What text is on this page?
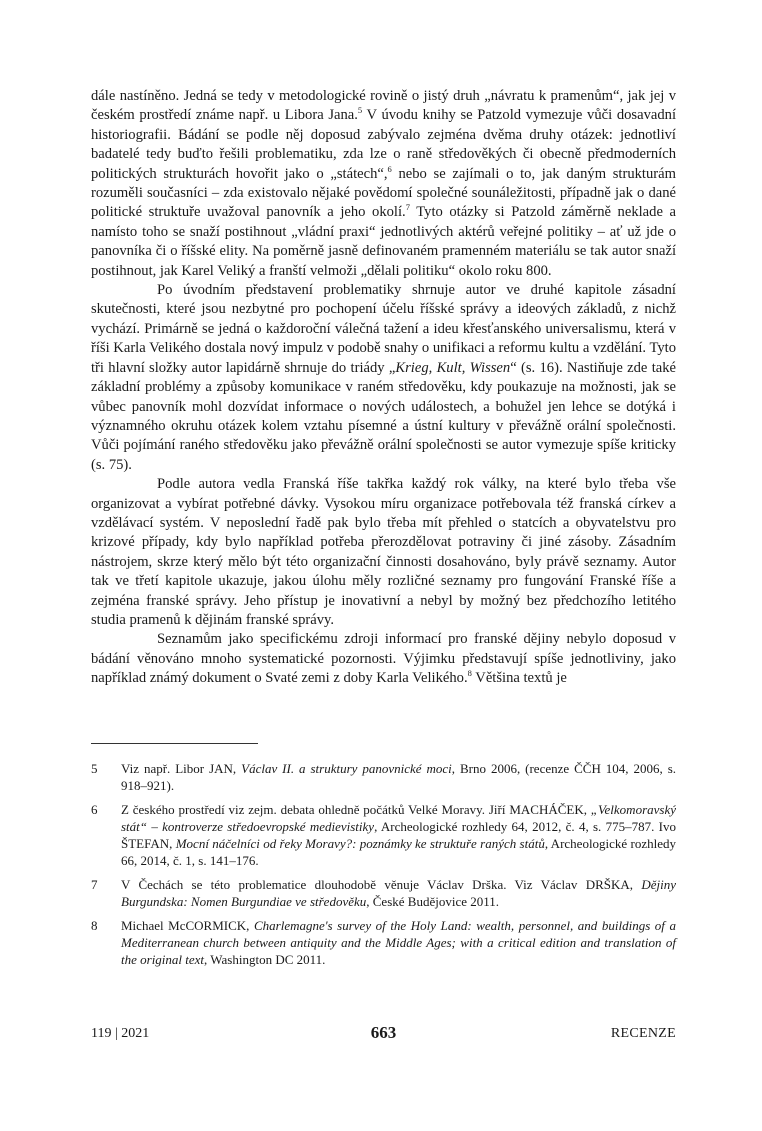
dále nastíněno. Jedná se tedy v metodologické rovině o jistý druh „návratu k pramenům“, jak jej v českém prostředí známe např. u Libora Jana.$^5$ V úvodu knihy se Patzold vymezuje vůči dosavadní historiografii. Bádání se podle něj doposud zabývalo zejména dvěma druhy otázek: jednotliví badatelé tedy buďto řešili problematiku, zda lze o raně středověkých či obecně předmoderních politických strukturách hovořit jako o „státech“,$^6$ nebo se zajímali o to, jak daným strukturám rozuměli současníci – zda existovalo nějaké povědomí společné sounáležitosti, případně jak o dané politické struktuře uvažoval panovník a jeho okolí.$^7$ Tyto otázky si Patzold záměrně neklade a namísto toho se snaží postihnout „vládní praxi“ jednotlivých aktérů veřejné politiky – ať už jde o panovníka či o říšské elity. Na poměrně jasně definovaném pramenném materiálu se tak autor snaží postihnout, jak Karel Veliký a franští velmoži „dělali politiku“ okolo roku 800.

Po úvodním představení problematiky shrnuje autor ve druhé kapitole zásadní skutečnosti, které jsou nezbytné pro pochopení účelu říšské správy a ideových základů, z nichž vychází. Primárně se jedná o každoroční válečná tažení a ideu křesťanského universalismu, která v říši Karla Velikého dostala nový impulz v podobě snahy o unifikaci a reformu kultu a vzdělání. Tyto tři hlavní složky autor lapidárně shrnuje do triády „Krieg, Kult, Wissen“ (s. 16). Nastiňuje zde také základní problémy a způsoby komunikace v raném středověku, kdy poukazuje na možnosti, jak se vůbec panovník mohl dozvídat informace o nových událostech, a bohužel jen lehce se dotýká i významného okruhu otázek kolem vztahu písemné a ústní kultury v převážně orální společnosti. Vůči pojímání raného středověku jako převážně orální společnosti se autor vymezuje spíše kriticky (s. 75).

Podle autora vedla Franská říše takřka každý rok války, na které bylo třeba vše organizovat a vybírat potřebné dávky. Vysokou míru organizace potřebovala též franská církev a vzdělávací systém. V neposlední řadě pak bylo třeba mít přehled o statcích a obyvatelstvu pro krizové případy, kdy bylo například potřeba přerozdělovat potraviny či jiné zásoby. Zásadním nástrojem, skrze který mělo být této organizační činnosti dosahováno, byly právě seznamy. Autor tak ve třetí kapitole ukazuje, jakou úlohu měly rozličné seznamy pro fungování Franské říše a zejména franské správy. Jeho přístup je inovativní a nebyl by možný bez předchozího letitého studia pramenů k dějinám franské správy.

Seznamům jako specifickému zdroji informací pro franské dějiny nebylo doposud v bádání věnováno mnoho systematické pozornosti. Výjimku představují spíše jednotliviny, jako například známý dokument o Svaté zemi z doby Karla Velikého.$^8$ Většina textů je

5	Viz např. Libor JAN, Václav II. a struktury panovnické moci, Brno 2006, (recenze ČČH 104, 2006, s. 918–921).
6	Z českého prostředí viz zejm. debata ohledně počátků Velké Moravy. Jiří MACHÁČEK, „Velkomoravský stát“ – kontroverze středoevropské medievistiky, Archeologické rozhledy 64, 2012, č. 4, s. 775–787. Ivo ŠTEFAN, Mocní náčelníci od řeky Moravy?: poznámky ke struktuře raných států, Archeologické rozhledy 66, 2014, č. 1, s. 141–176.
7	V Čechách se této problematice dlouhodobě věnuje Václav Drška. Viz Václav DRŠKA, Dějiny Burgundska: Nomen Burgundiae ve středověku, České Budějovice 2011.
8	Michael McCORMICK, Charlemagne's survey of the Holy Land: wealth, personnel, and buildings of a Mediterranean church between antiquity and the Middle Ages; with a critical edition and translation of the original text, Washington DC 2011.
119 | 2021	663	RECENZE
